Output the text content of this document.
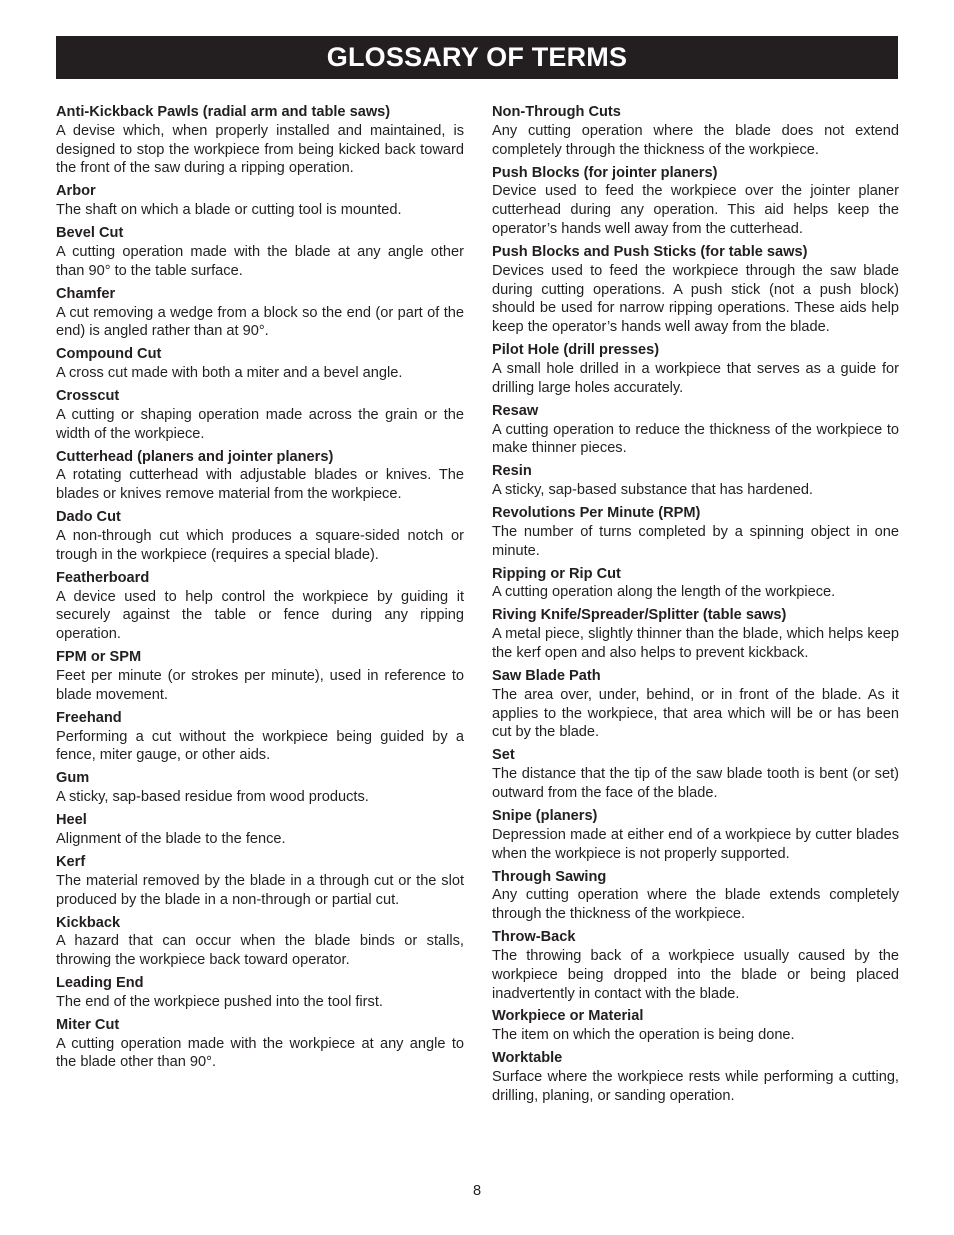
GLOSSARY OF TERMS
Anti-Kickback Pawls (radial arm and table saws)
A devise which, when properly installed and maintained, is designed to stop the workpiece from being kicked back toward the front of the saw during a ripping operation.
Arbor
The shaft on which a blade or cutting tool is mounted.
Bevel Cut
A cutting operation made with the blade at any angle other than 90° to the table surface.
Chamfer
A cut removing a wedge from a block so the end (or part of the end) is angled rather than at 90°.
Compound Cut
A cross cut made with both a miter and a bevel angle.
Crosscut
A cutting or shaping operation made across the grain or the width of the workpiece.
Cutterhead (planers and jointer planers)
A rotating cutterhead with adjustable blades or knives. The blades or knives remove material from the workpiece.
Dado Cut
A non-through cut which produces a square-sided notch or trough in the workpiece (requires a special blade).
Featherboard
A device used to help control the workpiece by guiding it securely against the table or fence during any ripping operation.
FPM or SPM
Feet per minute (or strokes per minute), used in reference to blade movement.
Freehand
Performing a cut without the workpiece being guided by a fence, miter gauge, or other aids.
Gum
A sticky, sap-based residue from wood products.
Heel
Alignment of the blade to the fence.
Kerf
The material removed by the blade in a through cut or the slot produced by the blade in a non-through or partial cut.
Kickback
A hazard that can occur when the blade binds or stalls, throwing the workpiece back toward operator.
Leading End
The end of the workpiece pushed into the tool first.
Miter Cut
A cutting operation made with the workpiece at any angle to the blade other than 90°.
Non-Through Cuts
Any cutting operation where the blade does not extend completely through the thickness of the workpiece.
Push Blocks (for jointer planers)
Device used to feed the workpiece over the jointer planer cutterhead during any operation. This aid helps keep the operator’s hands well away from the cutterhead.
Push Blocks and Push Sticks (for table saws)
Devices used to feed the workpiece through the saw blade during cutting operations. A push stick (not a push block) should be used for narrow ripping operations. These aids help keep the operator’s hands well away from the blade.
Pilot Hole (drill presses)
A small hole drilled in a workpiece that serves as a guide for drilling large holes accurately.
Resaw
A cutting operation to reduce the thickness of the workpiece to make thinner pieces.
Resin
A sticky, sap-based substance that has hardened.
Revolutions Per Minute (RPM)
The number of turns completed by a spinning object in one minute.
Ripping or Rip Cut
A cutting operation along the length of the workpiece.
Riving Knife/Spreader/Splitter (table saws)
A metal piece, slightly thinner than the blade, which helps keep the kerf open and also helps to prevent kickback.
Saw Blade Path
The area over, under, behind, or in front of the blade. As it applies to the workpiece, that area which will be or has been cut by the blade.
Set
The distance that the tip of the saw blade tooth is bent (or set) outward from the face of the blade.
Snipe (planers)
Depression made at either end of a workpiece by cutter blades when the workpiece is not properly supported.
Through Sawing
Any cutting operation where the blade extends completely through the thickness of the workpiece.
Throw-Back
The throwing back of a workpiece usually caused by the workpiece being dropped into the blade or being placed inadvertently in contact with the blade.
Workpiece or Material
The item on which the operation is being done.
Worktable
Surface where the workpiece rests while performing a cutting, drilling, planing, or sanding operation.
8
